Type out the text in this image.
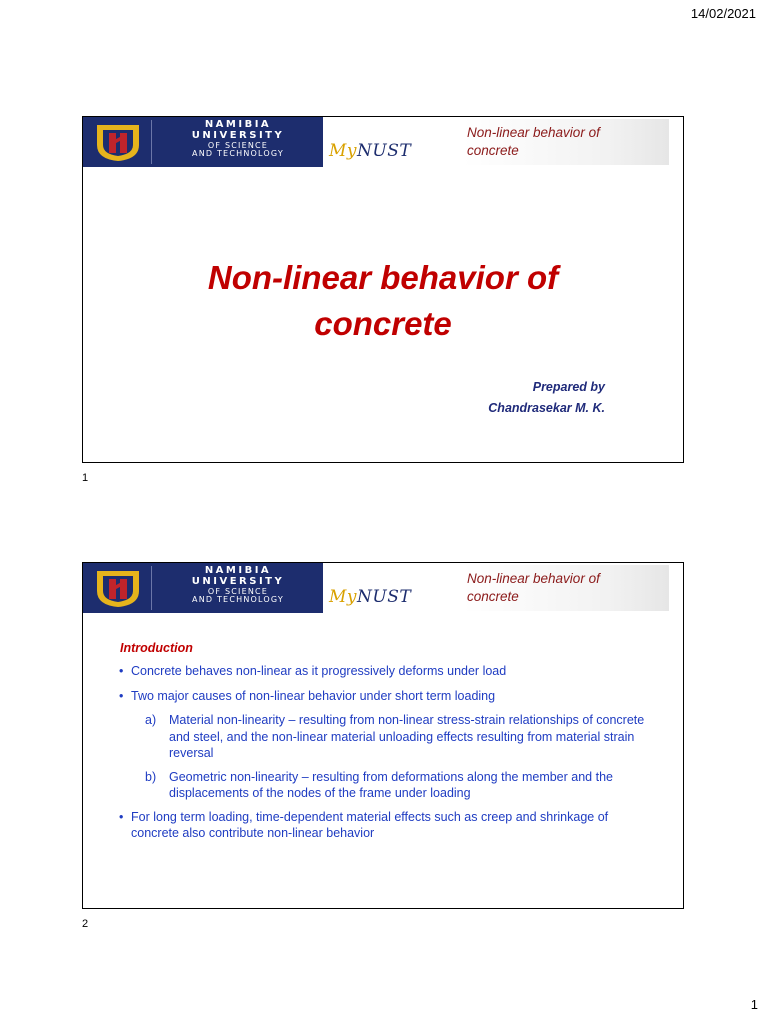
14/02/2021
NAMIBIA
UNIVERSITY
OF SCIENCE
AND TECHNOLOGY	MyNUST
Non-linear behavior of
concrete
Non-linear behavior of
concrete
Prepared by
Chandrasekar M. K.
1
NAMIBIA
UNIVERSITY
OF SCIENCE
AND TECHNOLOGY	MyNUST
Non-linear behavior of
concrete
Introduction
• Concrete behaves non-linear as it progressively deforms under load
• Two major causes of non-linear behavior under short term loading
a) Material non-linearity – resulting from non-linear stress-strain relationships of concrete and steel, and the non-linear material unloading effects resulting from material strain reversal
b) Geometric non-linearity – resulting from deformations along the member and the displacements of the nodes of the frame under loading
• For long term loading, time-dependent material effects such as creep and shrinkage of concrete also contribute non-linear behavior
2
1
